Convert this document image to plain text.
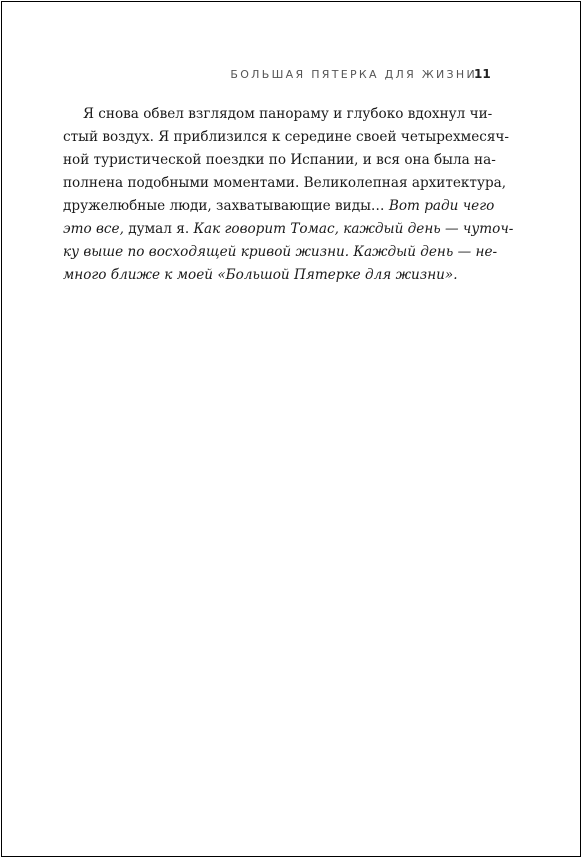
БОЛЬШАЯ ПЯТЕРКА ДЛЯ ЖИЗНИ
11
Я снова обвел взглядом панораму и глубоко вдохнул чи-
стый воздух. Я приблизился к середине своей четырехмесяч-
ной туристической поездки по Испании, и вся она была на-
полнена подобными моментами. Великолепная архитектура,
дружелюбные люди, захватывающие виды… Вот ради чего
это все, думал я. Как говорит Томас, каждый день — чуточ-
ку выше по восходящей кривой жизни. Каждый день — не-
много ближе к моей «Большой Пятерке для жизни».
